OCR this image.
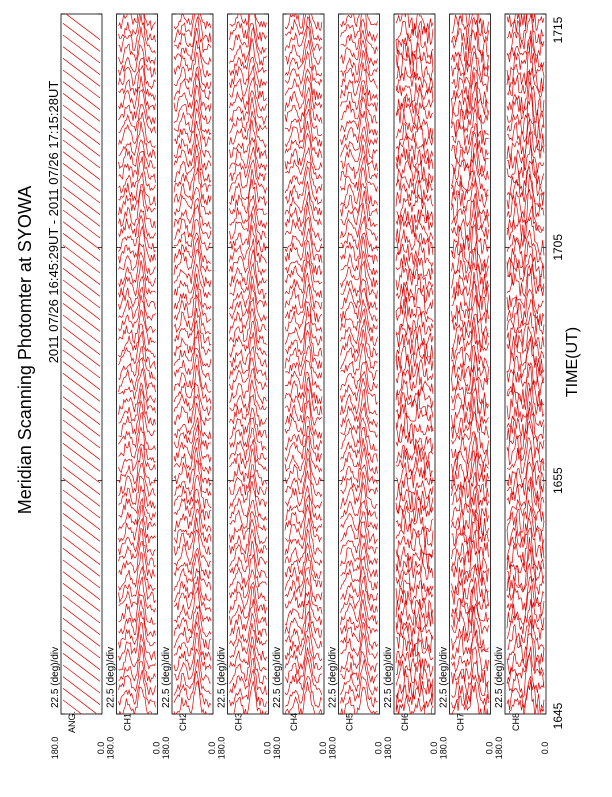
Meridian Scanning Photomter at SYOWA 2011 07/26 16:45:29UT - 2011 07/26 17:15:28UT	TIME(UT)
22.5 (deg)/div
180.0
ANG.
0.0
22.5 (deg)/div
180.0
CH1
0.0
22.5 (deg)/div
180.0
CH2
0.0
22.5 (deg)/div
180.0
CH3
0.0
22.5 (deg)/div
180.0
CH4
0.0
22.5 (deg)/div
180.0
CH5
0.0
22.5 (deg)/div
180.0
CH6
0.0
22.5 (deg)/div
180.0
CH7
0.0
22.5 (deg)/div
180.0
CH8
0.0
1645
1655
1705
1715
